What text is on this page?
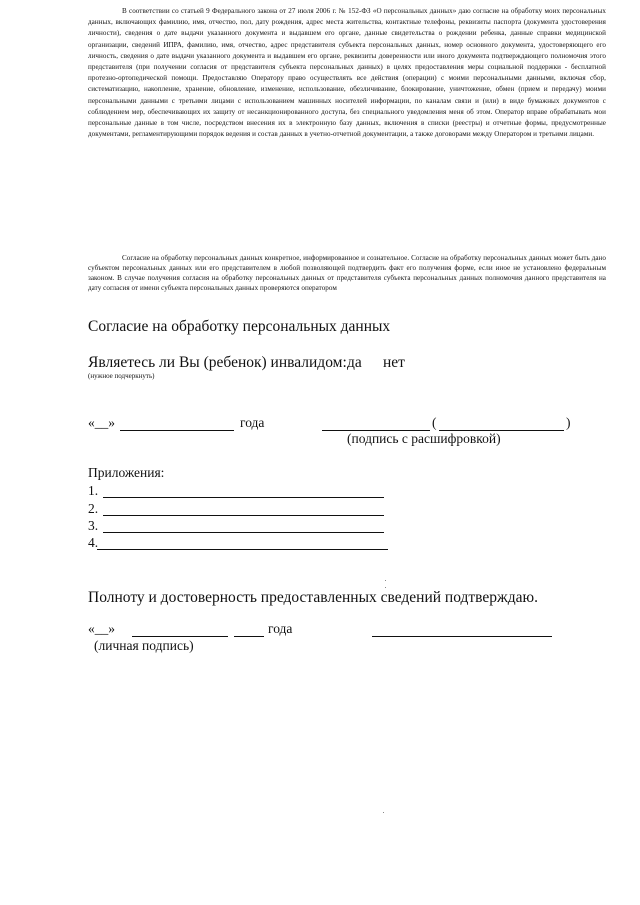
В соответствии со статьей 9 Федерального закона от 27 июля 2006 г. № 152-ФЗ «О персональных данных» даю согласие на обработку моих персональных данных, включающих фамилию, имя, отчество, пол, дату рождения, адрес места жительства, контактные телефоны, реквизиты паспорта (документа удостоверения личности), сведения о дате выдачи указанного документа и выдавшем его органе, данные свидетельства о рождении ребенка, данные справки медицинской организации, сведений ИПРА, фамилию, имя, отчество, адрес представителя субъекта персональных данных, номер основного документа, удостоверяющего его личность, сведения о дате выдачи указанного документа и выдавшем его органе, реквизиты доверенности или иного документа подтверждающего полномочия этого представителя (при получении согласия от представителя субъекта персональных данных) в целях предоставления меры социальной поддержки - бесплатной протезно-ортопедической помощи. Предоставляю Оператору право осуществлять все действия (операции) с моими персональными данными, включая сбор, систематизацию, накопление, хранение, обновление, изменение, использование, обезличивание, блокирование, уничтожение, обмен (прием и передачу) моими персональными данными с третьими лицами с использованием машинных носителей информации, по каналам связи и (или) в виде бумажных документов с соблюдением мер, обеспечивающих их защиту от несанкционированного доступа, без специального уведомления меня об этом. Оператор вправе обрабатывать мои персональные данные в том числе, посредством внесения их в электронную базу данных, включения в списки (реестры) и отчетные формы, предусмотренные документами, регламентирующими порядок ведения и состав данных в учетно-отчетной документации, а также договорами между Оператором и третьими лицами.
Согласие на обработку персональных данных конкретное, информированное и сознательное. Согласие на обработку персональных данных может быть дано субъектом персональных данных или его представителем в любой позволяющей подтвердить факт его получения форме, если иное не установлено федеральным законом. В случае получения согласия на обработку персональных данных от представителя субъекта персональных данных полномочия данного представителя на дату согласия от имени субъекта персональных данных проверяются оператором
Согласие на обработку персональных данных
Являетесь ли Вы (ребенок) инвалидом: да нет
(нужное подчеркнуть)
«__»	года	(	)
(подпись с расшифровкой)
Приложения:
1.
2.
3.
4.
Полноту и достоверность предоставленных сведений подтверждаю.
«__»	года
(личная подпись)
